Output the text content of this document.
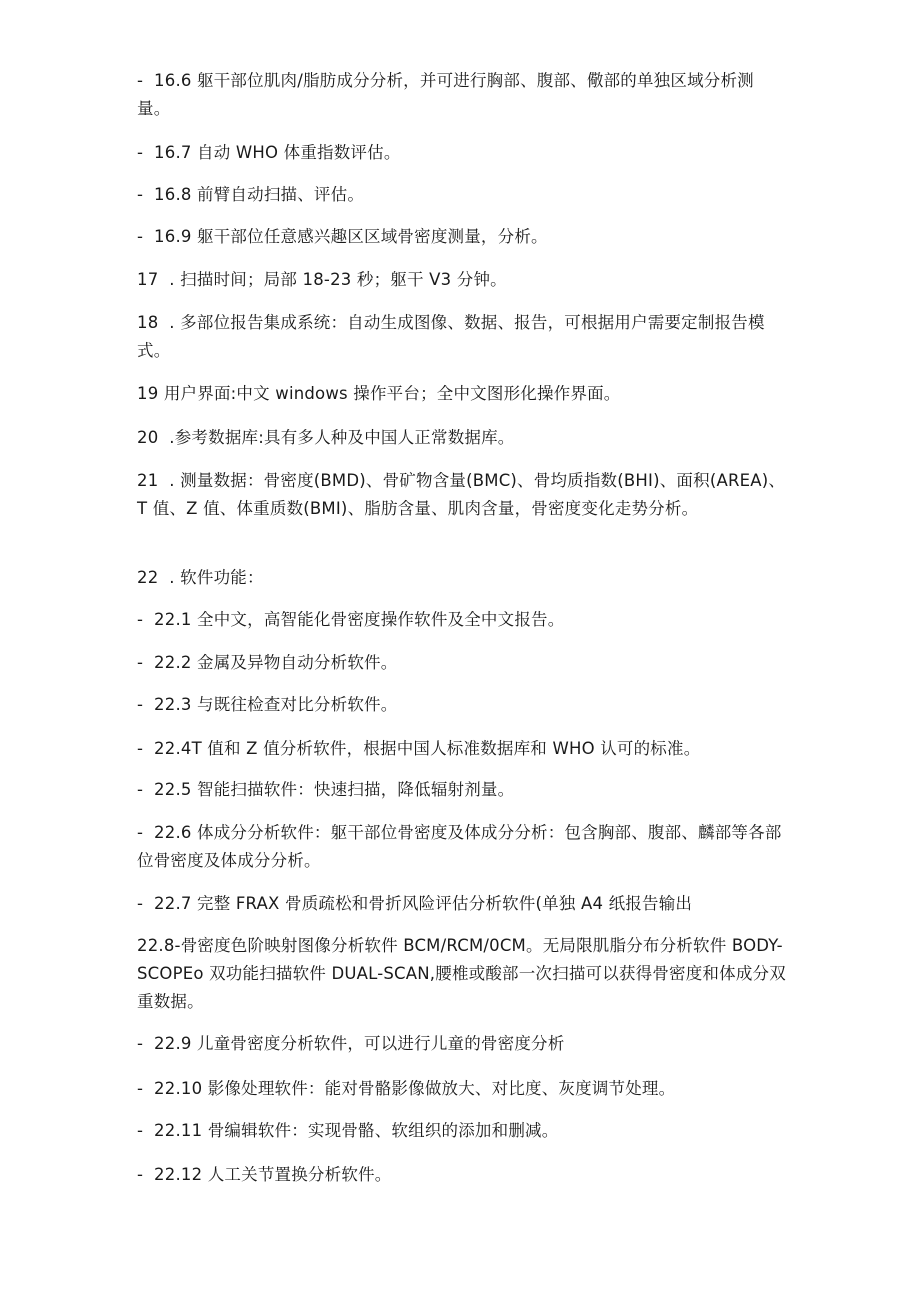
-  16.6 躯干部位肌肉/脂肪成分分析，并可进行胸部、腹部、儆部的单独区域分析测量。

-  16.7 自动 WHO 体重指数评估。

-  16.8 前臂自动扫描、评估。

-  16.9 躯干部位任意感兴趣区区域骨密度测量，分析。

17  . 扫描时间；局部 18-23 秒；躯干 V3 分钟。

18  . 多部位报告集成系统：自动生成图像、数据、报告，可根据用户需要定制报告模式。

19 用户界面:中文 windows 操作平台；全中文图形化操作界面。

20  .参考数据库:具有多人种及中国人正常数据库。

21  . 测量数据：骨密度(BMD)、骨矿物含量(BMC)、骨均质指数(BHI)、面积(AREA)、T 值、Z 值、体重质数(BMI)、脂肪含量、肌肉含量，骨密度变化走势分析。

22  . 软件功能：

-  22.1 全中文，高智能化骨密度操作软件及全中文报告。

-  22.2 金属及异物自动分析软件。

-  22.3 与既往检查对比分析软件。

-  22.4T 值和 Z 值分析软件，根据中国人标准数据库和 WHO 认可的标准。

-  22.5 智能扫描软件：快速扫描，降低辐射剂量。

-  22.6 体成分分析软件：躯干部位骨密度及体成分分析：包含胸部、腹部、麟部等各部位骨密度及体成分分析。

-  22.7 完整 FRAX 骨质疏松和骨折风险评估分析软件(单独 A4 纸报告输出

22.8-骨密度色阶映射图像分析软件 BCM/RCM/0CM。无局限肌脂分布分析软件 BODY-SCOPEo 双功能扫描软件 DUAL-SCAN,腰椎或酸部一次扫描可以获得骨密度和体成分双重数据。

-  22.9 儿童骨密度分析软件，可以进行儿童的骨密度分析

-  22.10 影像处理软件：能对骨骼影像做放大、对比度、灰度调节处理。

-  22.11 骨编辑软件：实现骨骼、软组织的添加和删减。

-  22.12 人工关节置换分析软件。
